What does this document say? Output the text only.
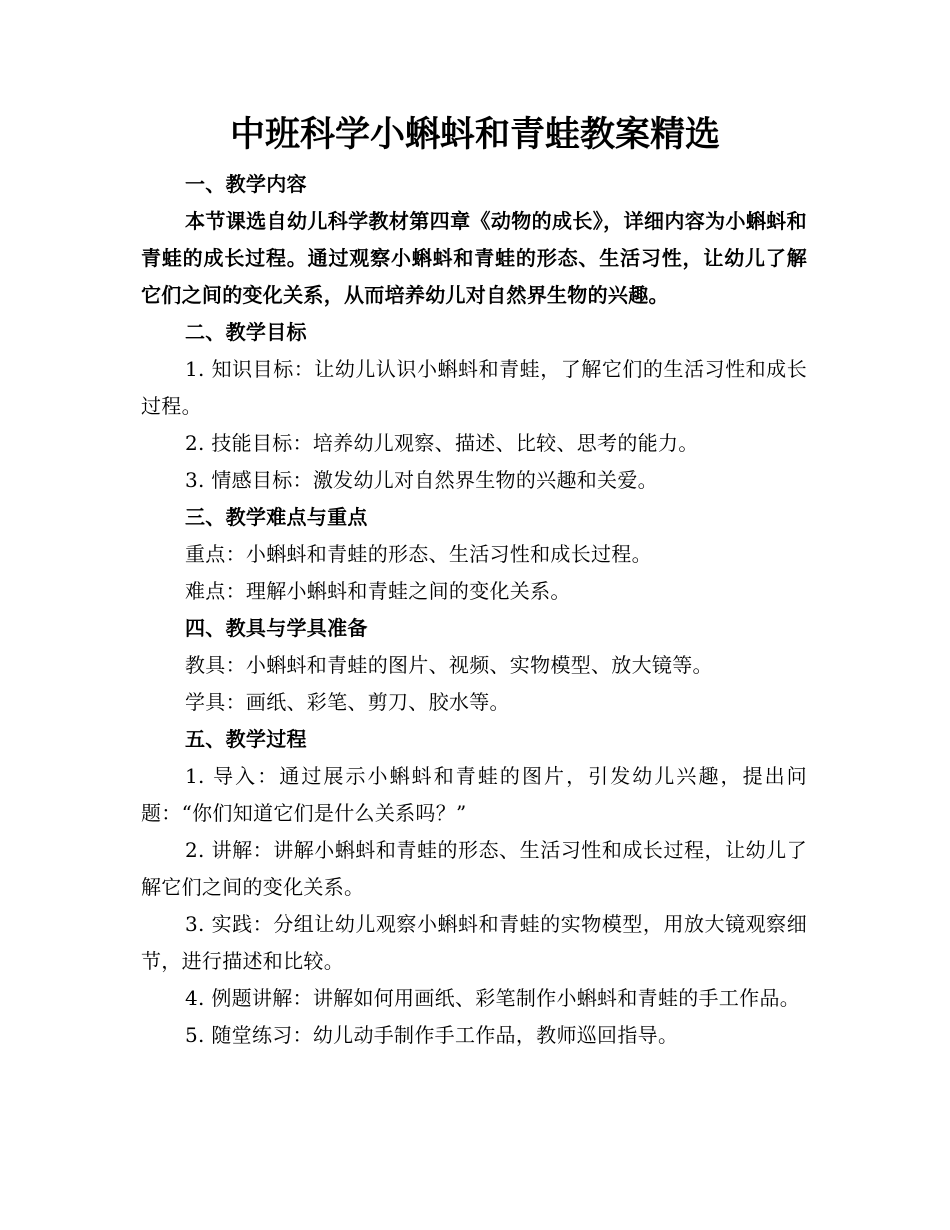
中班科学小蝌蚪和青蛙教案精选

一、教学内容

本节课选自幼儿科学教材第四章《动物的成长》，详细内容为小蝌蚪和青蛙的成长过程。通过观察小蝌蚪和青蛙的形态、生活习性，让幼儿了解它们之间的变化关系，从而培养幼儿对自然界生物的兴趣。

二、教学目标

1. 知识目标：让幼儿认识小蝌蚪和青蛙，了解它们的生活习性和成长过程。

2. 技能目标：培养幼儿观察、描述、比较、思考的能力。

3. 情感目标：激发幼儿对自然界生物的兴趣和关爱。

三、教学难点与重点

重点：小蝌蚪和青蛙的形态、生活习性和成长过程。

难点：理解小蝌蚪和青蛙之间的变化关系。

四、教具与学具准备

教具：小蝌蚪和青蛙的图片、视频、实物模型、放大镜等。

学具：画纸、彩笔、剪刀、胶水等。

五、教学过程

1. 导入：通过展示小蝌蚪和青蛙的图片，引发幼儿兴趣，提出问题：“你们知道它们是什么关系吗？”

2. 讲解：讲解小蝌蚪和青蛙的形态、生活习性和成长过程，让幼儿了解它们之间的变化关系。

3. 实践：分组让幼儿观察小蝌蚪和青蛙的实物模型，用放大镜观察细节，进行描述和比较。

4. 例题讲解：讲解如何用画纸、彩笔制作小蝌蚪和青蛙的手工作品。

5. 随堂练习：幼儿动手制作手工作品，教师巡回指导。
